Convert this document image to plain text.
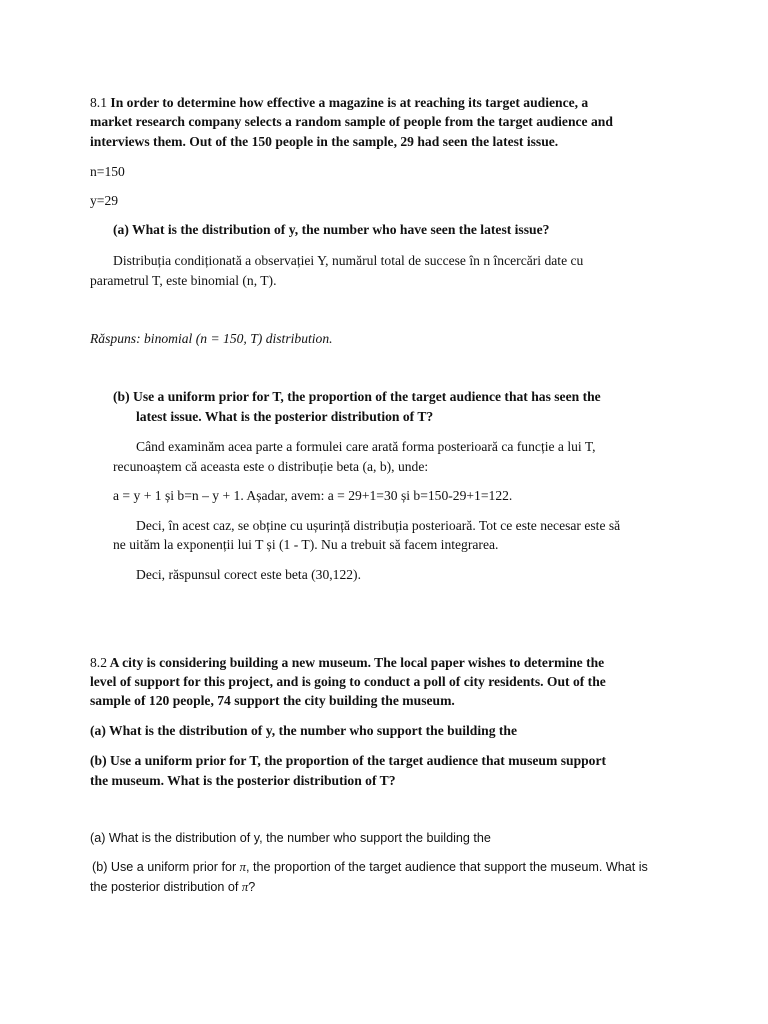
8.1 In order to determine how effective a magazine is at reaching its target audience, a
market research company selects a random sample of people from the target audience and
interviews them. Out of the 150 people in the sample, 29 had seen the latest issue.
n=150
y=29
(a) What is the distribution of y, the number who have seen the latest issue?
Distribuția condiționată a observației Y, numărul total de succese în n încercări date cu
parametrul T, este binomial (n, T).
Răspuns: binomial (n = 150, T) distribution.
(b) Use a uniform prior for T, the proportion of the target audience that has seen the
latest issue. What is the posterior distribution of T?
Când examinăm acea parte a formulei care arată forma posterioară ca funcție a lui T,
recunoaștem că aceasta este o distribuție beta (a, b), unde:
a = y + 1 și b=n – y + 1. Așadar, avem: a = 29+1=30 și b=150-29+1=122.
Deci, în acest caz, se obține cu ușurință distribuția posterioară. Tot ce este necesar este să
ne uităm la exponenții lui T și (1 - T). Nu a trebuit să facem integrarea.
Deci, răspunsul corect este beta (30,122).
8.2 A city is considering building a new museum. The local paper wishes to determine the
level of support for this project, and is going to conduct a poll of city residents. Out of the
sample of 120 people, 74 support the city building the museum.
(a) What is the distribution of y, the number who support the building the
(b) Use a uniform prior for T, the proportion of the target audience that museum support
the museum. What is the posterior distribution of T?
(a) What is the distribution of y, the number who support the building the
(b) Use a uniform prior for π, the proportion of the target audience that support the museum. What is
the posterior distribution of π?
